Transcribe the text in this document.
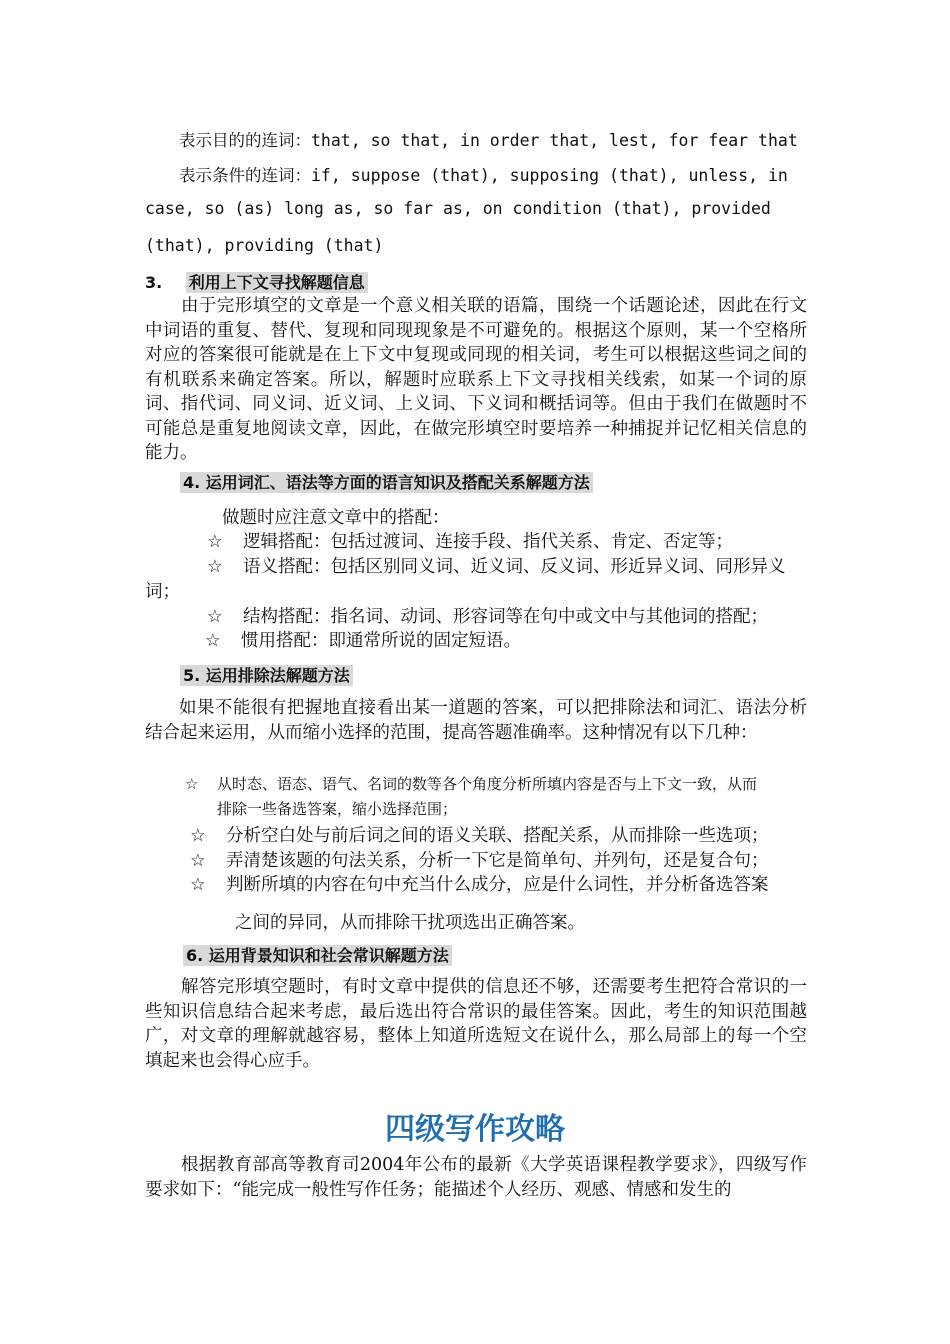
表示目的的连词：that, so that, in order that, lest, for fear that
表示条件的连词：if, suppose (that), supposing (that), unless, in
case, so (as) long as, so far as, on condition (that), provided
(that), providing (that)
3. 利用上下文寻找解题信息
由于完形填空的文章是一个意义相关联的语篇，围绕一个话题论述，因此在行文中词语的重复、替代、复现和同现现象是不可避免的。根据这个原则，某一个空格所对应的答案很可能就是在上下文中复现或同现的相关词，考生可以根据这些词之间的有机联系来确定答案。所以，解题时应联系上下文寻找相关线索，如某一个词的原词、指代词、同义词、近义词、上义词、下义词和概括词等。但由于我们在做题时不可能总是重复地阅读文章，因此，在做完形填空时要培养一种捕捉并记忆相关信息的能力。
4. 运用词汇、语法等方面的语言知识及搭配关系解题方法
做题时应注意文章中的搭配：
☆ 逻辑搭配：包括过渡词、连接手段、指代关系、肯定、否定等；
☆ 语义搭配：包括区别同义词、近义词、反义词、形近异义词、同形异义
词；
☆ 结构搭配：指名词、动词、形容词等在句中或文中与其他词的搭配；
☆ 惯用搭配：即通常所说的固定短语。
5. 运用排除法解题方法
如果不能很有把握地直接看出某一道题的答案，可以把排除法和词汇、语法分析结合起来运用，从而缩小选择的范围，提高答题准确率。这种情况有以下几种：
☆ 从时态、语态、语气、名词的数等各个角度分析所填内容是否与上下文一致，从而
排除一些备选答案，缩小选择范围；
☆ 分析空白处与前后词之间的语义关联、搭配关系，从而排除一些选项；
☆ 弄清楚该题的句法关系，分析一下它是简单句、并列句，还是复合句；
☆ 判断所填的内容在句中充当什么成分，应是什么词性，并分析备选答案
之间的异同，从而排除干扰项选出正确答案。
6. 运用背景知识和社会常识解题方法
解答完形填空题时，有时文章中提供的信息还不够，还需要考生把符合常识的一些知识信息结合起来考虑，最后选出符合常识的最佳答案。因此，考生的知识范围越广，对文章的理解就越容易，整体上知道所选短文在说什么，那么局部上的每一个空填起来也会得心应手。
四级写作攻略
根据教育部高等教育司2004年公布的最新《大学英语课程教学要求》，四级写作要求如下：“能完成一般性写作任务；能描述个人经历、观感、情感和发生的
